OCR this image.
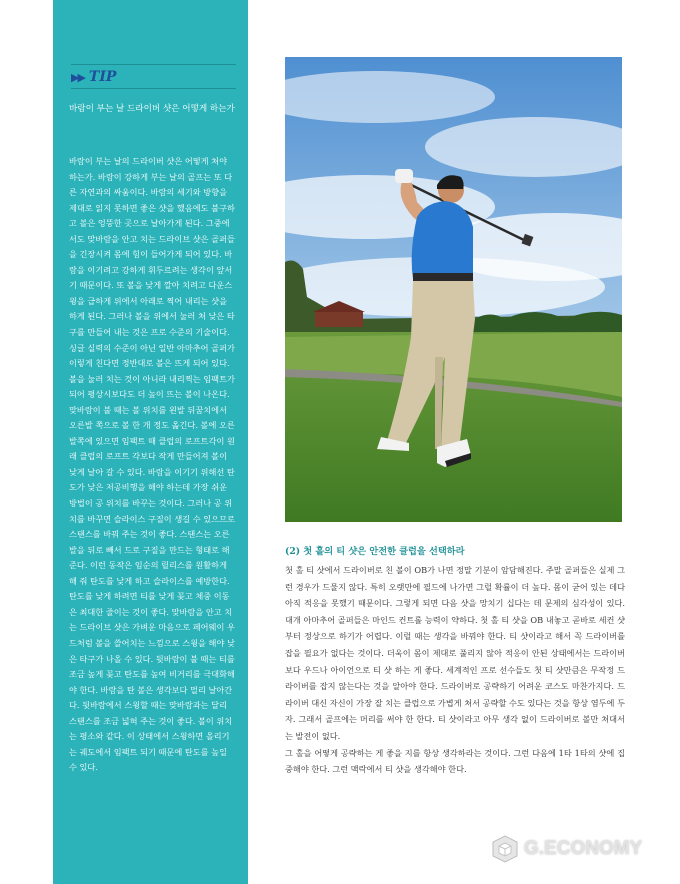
▶▶ TIP
바람이 부는 날 드라이버 샷은 어떻게 하는가
바람이 부는 날의 드라이버 샷은 어떻게 쳐야 하는가. 바람이 강하게 부는 날의 골프는 또 다른 자연과의 싸움이다. 바람의 세기와 방향을 제대로 읽지 못하면 좋은 샷을 했음에도 불구하고 볼은 엉뚱한 곳으로 날아가게 된다. 그중에서도 맞바람을 안고 치는 드라이브 샷은 골퍼들을 긴장시켜 몸에 힘이 들어가게 되어 있다. 바람을 이기려고 강하게 휘두르려는 생각이 앞서기 때문이다. 또 볼을 낮게 깔아 치려고 다운스윙을 급하게 위에서 아래로 찍어 내리는 샷을 하게 된다. 그러나 볼을 위에서 눌러 쳐 낮은 타구를 만들어 내는 것은 프로 수준의 기술이다. 싱글 실력의 수준이 아닌 일반 아마추어 골퍼가 이렇게 친다면 정반대로 볼은 뜨게 되어 있다. 볼을 눌러 치는 것이 아니라 내리찍는 임팩트가 되어 평상시보다도 더 높이 뜨는 볼이 나온다. 맞바람이 불 때는 볼 위치를 왼발 뒤꿈치에서 오른발 쪽으로 볼 한 개 정도 옮긴다. 볼에 오른발쪽에 있으면 임팩트 때 클럽의 로프트각이 원래 클럽의 로프트 각보다 작게 만들어져 볼이 낮게 날아 갈 수 있다. 바람을 이기기 위해선 탄도가 낮은 저공비행을 해야 하는데 가장 쉬운 방법이 공 위치를 바꾸는 것이다. 그러나 공 위치를 바꾸면 슬라이스 구질이 생길 수 있으므로 스탠스를 바꿔 주는 것이 좋다. 스탠스는 오른발을 뒤로 빼서 드로 구질을 만드는 형태로 해 준다. 이런 동작은 임순의 릴리스를 원활하게 해 줘 탄도를 낮게 하고 슬라이스를 예방한다. 탄도를 낮게 하려면 티를 낮게 꽂고 체중 이동은 최대한 줄이는 것이 좋다. 맞바람을 안고 치는 드라이브 샷은 가벼운 마음으로 페어웨이 우드처럼 볼을 쓸어치는 느낌으로 스윙을 해야 낮은 타구가 나올 수 있다. 뒷바람이 불 때는 티를 조금 높게 꽂고 탄도를 높여 비거리를 극대화해야 한다. 바람을 탄 볼은 생각보다 멀리 날아간다. 뒷바람에서 스윙할 때는 맞바람과는 달리 스탠스를 조금 넓혀 주는 것이 좋다. 볼이 위치는 평소와 같다. 이 상태에서 스윙하면 올리기는 궤도에서 임팩트 되기 때문에 탄도를 높일 수 있다.
(2) 첫 홀의 티 샷은 안전한 클럽을 선택하라

첫 홀 티 샷에서 드라이버로 친 볼이 OB가 나면 정말 기분이 암담해진다. 주말 골퍼들은 실제 그런 경우가 드물지 않다. 특히 오랫만에 필드에 나가면 그럴 확률이 더 높다. 몸이 굳어 있는 데다 아직 적응을 못했기 때문이다. 그렇게 되면 다음 샷을 망치기 십다는 데 문제의 심각성이 있다. 대개 아마추어 골퍼들은 마인드 컨트롤 능력이 약하다. 첫 홀 티 샷을 OB 내놓고 곧바로 세컨 샷부터 정상으로 하기가 어렵다. 이럴 때는 생각을 바꿔야 한다. 티 샷이라고 해서 꼭 드라이버를 잡을 필요가 없다는 것이다. 더욱이 몸이 제대로 풀리지 않아 적응이 안된 상태에서는 드라이버보다 우드나 아이언으로 티 샷 하는 게 좋다. 세계적인 프로 선수들도 첫 티 샷만큼은 무작정 드라이버를 잡지 않는다는 것을 알아야 한다. 드라이버로 공략하기 어려운 코스도 마찬가지다. 드라이버 대신 자신이 가장 잘 치는 클럽으로 가볍게 쳐서 공략할 수도 있다는 것을 항상 염두에 두자. 그래서 골프에는 머리를 써야 한 한다. 티 샷이라고 아무 생각 없이 드라이버로 볼만 쳐대서는 발전이 없다.

그 홀을 어떻게 공략하는 게 좋을 지를 항상 생각하라는 것이다. 그런 다음에 1타 1타의 샷에 집중해야 한다. 그런 맥락에서 티 샷을 생각해야 한다.

G.ECONOMY
